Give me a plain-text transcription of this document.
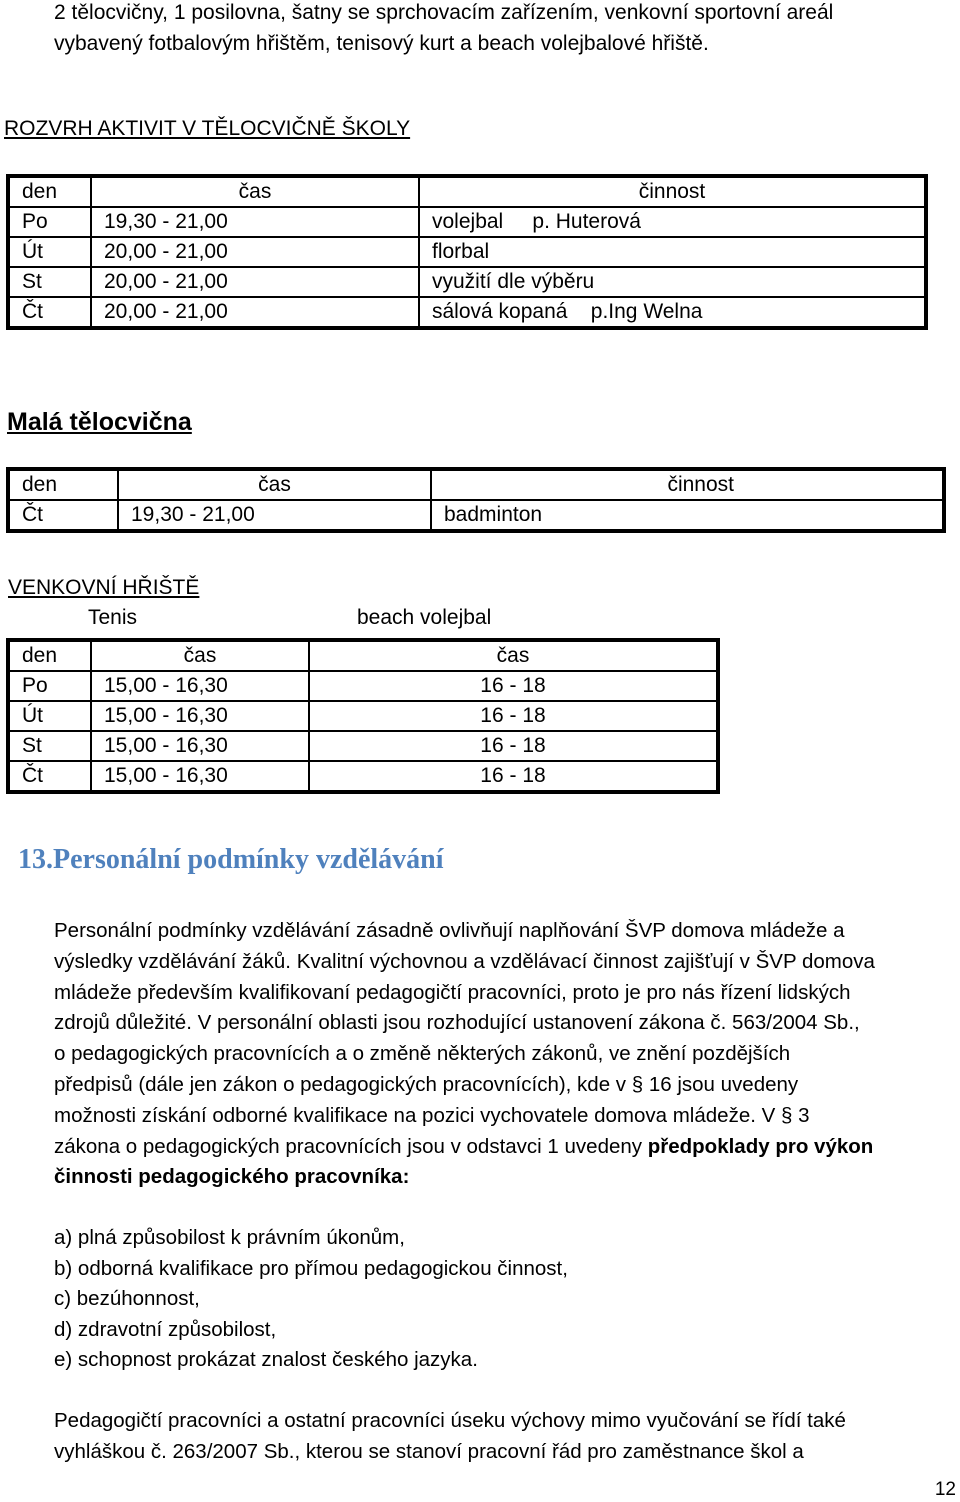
2 tělocvičny, 1 posilovna, šatny se sprchovacím zařízením, venkovní sportovní areál
vybavený fotbalovým hřištěm, tenisový kurt a beach volejbalové hřiště.
ROZVRH AKTIVIT V TĚLOCVIČNĚ ŠKOLY
den	čas	činnost
Po	19,30 - 21,00	volejbal     p. Huterová
Út	20,00 - 21,00	florbal
St	20,00 - 21,00	využití dle výběru
Čt	20,00 - 21,00	sálová kopaná    p.Ing Welna
Malá tělocvična
den	čas	činnost
Čt	19,30 - 21,00	badminton
VENKOVNÍ HŘIŠTĚ
Tenis	beach volejbal
den	čas	čas
Po	15,00 - 16,30	16 - 18
Út	15,00 - 16,30	16 - 18
St	15,00 - 16,30	16 - 18
Čt	15,00 - 16,30	16 - 18
13.Personální podmínky vzdělávání

Personální podmínky vzdělávání zásadně ovlivňují naplňování ŠVP domova mládeže a

výsledky vzdělávání žáků. Kvalitní výchovnou a vzdělávací činnost zajišťují v ŠVP domova

mládeže především kvalifikovaní pedagogičtí pracovníci, proto je pro nás řízení lidských

zdrojů důležité. V personální oblasti jsou rozhodující ustanovení zákona č. 563/2004 Sb.,

o pedagogických pracovnících a o změně některých zákonů, ve znění pozdějších

předpisů (dále jen zákon o pedagogických pracovnících), kde v § 16 jsou uvedeny

možnosti získání odborné kvalifikace na pozici vychovatele domova mládeže. V § 3

zákona o pedagogických pracovnících jsou v odstavci 1 uvedeny předpoklady pro výkon

činnosti pedagogického pracovníka:

a) plná způsobilost k právním úkonům,
b) odborná kvalifikace pro přímou pedagogickou činnost,
c) bezúhonnost,
d) zdravotní způsobilost,
e) schopnost prokázat znalost českého jazyka.

Pedagogičtí pracovníci a ostatní pracovníci úseku výchovy mimo vyučování se řídí také

vyhláškou č. 263/2007 Sb., kterou se stanoví pracovní řád pro zaměstnance škol a

12
